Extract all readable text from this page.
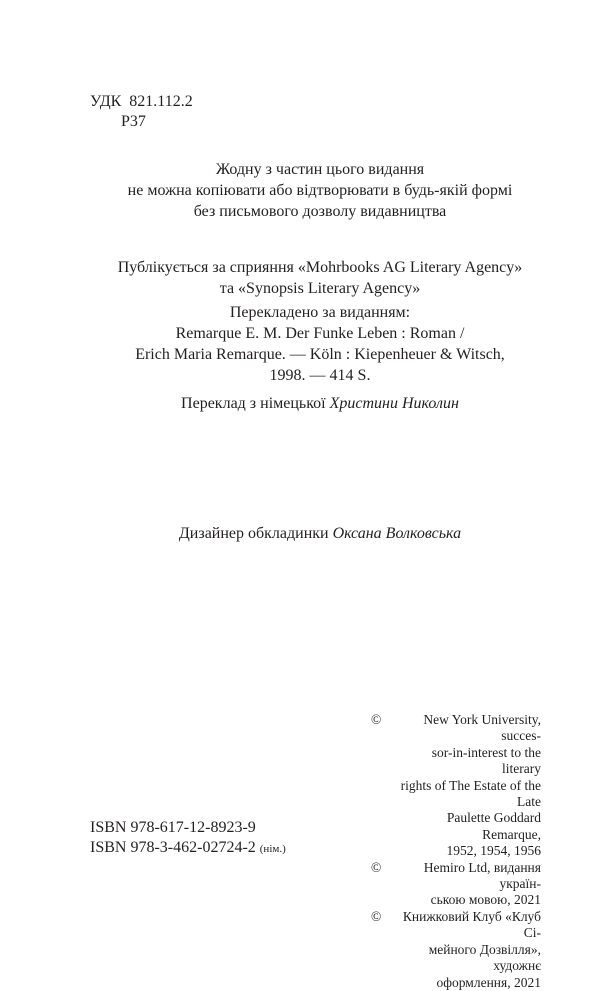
УДК  821.112.2
Р37
Жодну з частин цього видання
не можна копіювати або відтворювати в будь-якій формі
без письмового дозволу видавництва
Публікується за сприяння «Mohrbooks AG Literary Agency»
та «Synopsis Literary Agency»
Перекладено за виданням:
Remarque E. M. Der Funke Leben : Roman /
Erich Maria Remarque. — Köln : Kiepenheuer & Witsch,
1998. — 414 S.
Переклад з німецької Христини Николин
Дизайнер обкладинки Оксана Волковська
©	New York University, succes-
sor-in-interest to the literary
rights of The Estate of the Late
Paulette Goddard Remarque,
1952, 1954, 1956
©	Hemiro Ltd, видання україн-
ською мовою, 2021
©	Книжковий Клуб «Клуб Сі-
мейного Дозвілля», художнє
оформлення, 2021
ISBN 978-617-12-8923-9
ISBN 978-3-462-02724-2 (нім.)
